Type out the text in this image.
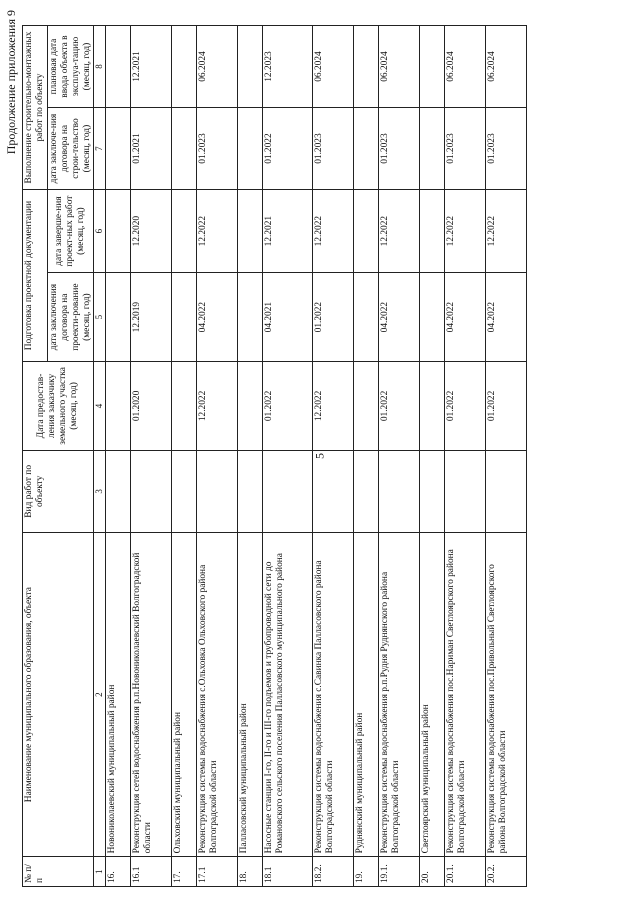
5
Продолжение приложения 9
№ п/п	Наименование муниципального образования, объекта	Вид работ по объекту	Дата предостав-ления заказчику земельного участка (месяц, год)	Подготовка проектной документации		Выполнение строительно-монтажных работ по объекту	
				дата заключения договора на проекти-рование (месяц, год)	дата заверше-ния проект-ных работ (месяц, год)	дата заключе-ния договора на строи-тельство (месяц, год)	плановая дата ввода объекта в эксплуа-тацию (месяц, год)
1	2	3	4	5	6	7	8
16.	Новониколаевский муниципальный район						
16.1	Реконструкция сетей водоснабжения р.п.Новониколаевский Волгоградской области		01.2020	12.2019	12.2020	01.2021	12.2021
17.	Ольховский муниципальный район						
17.1	Реконструкция системы водоснабжения с.Ольховка Ольховского района Волгоградской области		12.2022	04.2022	12.2022	01.2023	06.2024
18.	Палласовский муниципальный район						
18.1	Насосные станции I-го, II-го и III-го подъемов и трубопроводной сети до Романовского сельского поселения Палласовского муниципального района		01.2022	04.2021	12.2021	01.2022	12.2023
18.2.	Реконструкция системы водоснабжения с.Савинка Палласовского района Волгоградской области		12.2022	01.2022	12.2022	01.2023	06.2024
19.	Руднянский муниципальный район						
19.1.	Реконструкция системы водоснабжения р.п.Рудня Руднянского района Волгоградской области		01.2022	04.2022	12.2022	01.2023	06.2024
20.	Светлоярский муниципальный район						
20.1.	Реконструкция системы водоснабжения пос.Нариман Светлоярского района Волгоградской области		01.2022	04.2022	12.2022	01.2023	06.2024
20.2.	Реконструкция системы водоснабжения пос.Привольный Светлоярского района Волгоградской области		01.2022	04.2022	12.2022	01.2023	06.2024
